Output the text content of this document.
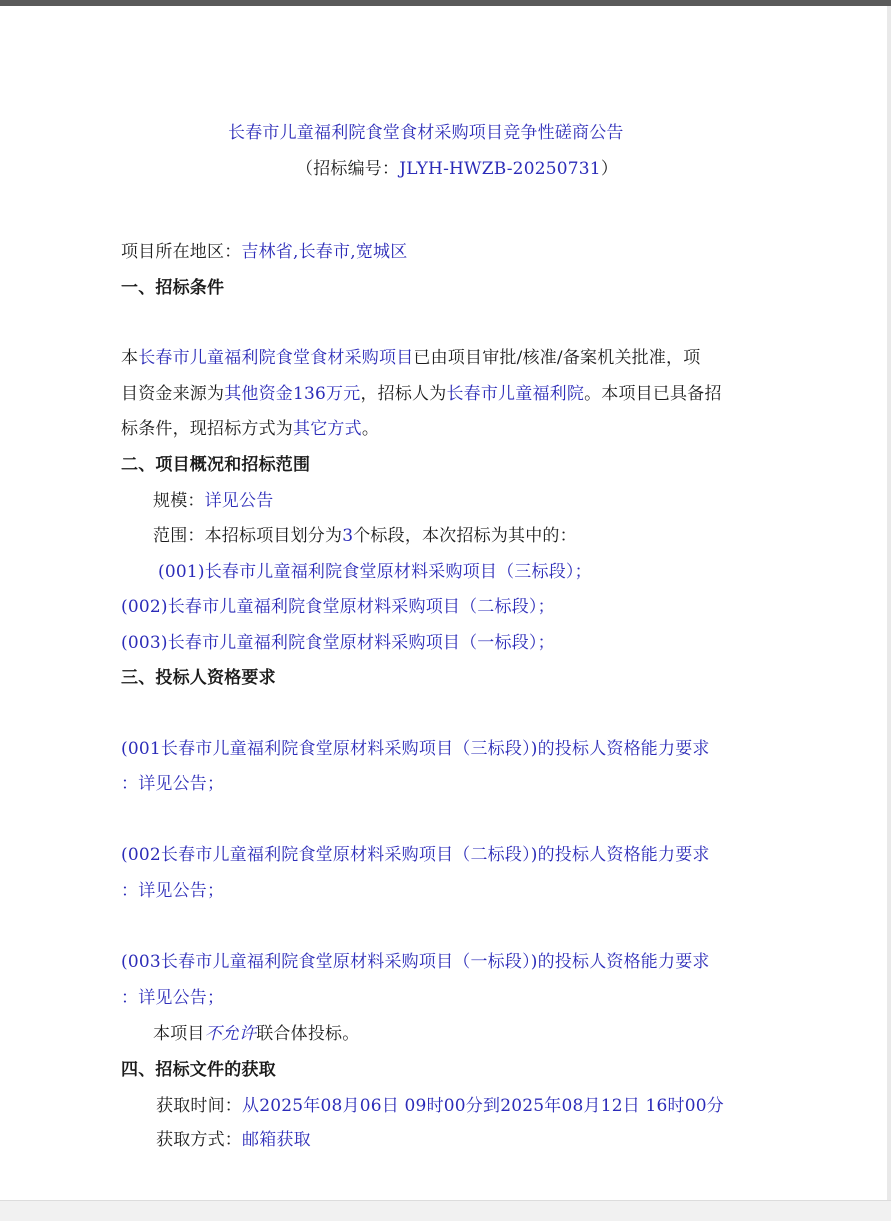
长春市儿童福利院食堂食材采购项目竞争性磋商公告
（招标编号：JLYH-HWZB-20250731）
项目所在地区：吉林省,长春市,宽城区
一、招标条件
本长春市儿童福利院食堂食材采购项目已由项目审批/核准/备案机关批准，项
目资金来源为其他资金136万元，招标人为长春市儿童福利院。本项目已具备招
标条件，现招标方式为其它方式。
二、项目概况和招标范围
规模：详见公告
范围：本招标项目划分为3个标段，本次招标为其中的：
(001)长春市儿童福利院食堂原材料采购项目（三标段）；
(002)长春市儿童福利院食堂原材料采购项目（二标段）；
(003)长春市儿童福利院食堂原材料采购项目（一标段）；
三、投标人资格要求
(001长春市儿童福利院食堂原材料采购项目（三标段）)的投标人资格能力要求
：详见公告；
(002长春市儿童福利院食堂原材料采购项目（二标段）)的投标人资格能力要求
：详见公告；
(003长春市儿童福利院食堂原材料采购项目（一标段）)的投标人资格能力要求
：详见公告；
本项目不允许联合体投标。
四、招标文件的获取
获取时间：从2025年08月06日 09时00分到2025年08月12日 16时00分
获取方式：邮箱获取
